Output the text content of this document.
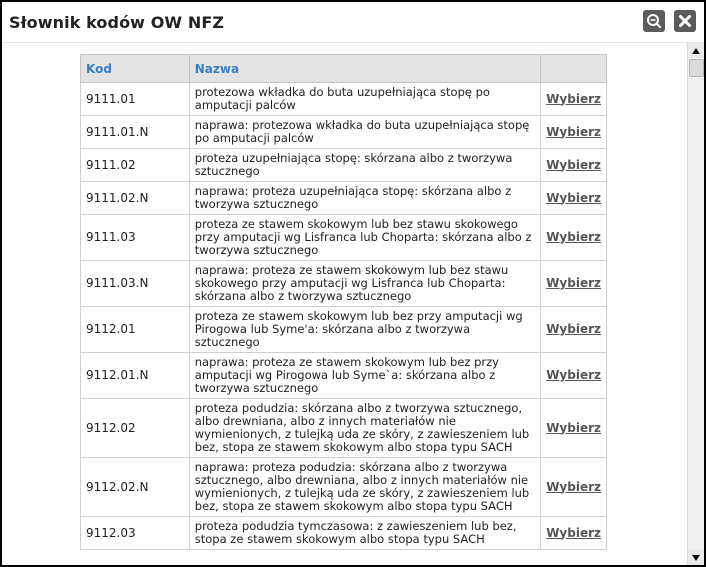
Słownik kodów OW NFZ
Kod	Nazwa	
9111.01	protezowa wkładka do buta uzupełniająca stopę po amputacji palców	Wybierz
9111.01.N	naprawa: protezowa wkładka do buta uzupełniająca stopę po amputacji palców	Wybierz
9111.02	proteza uzupełniająca stopę: skórzana albo z tworzywa sztucznego	Wybierz
9111.02.N	naprawa: proteza uzupełniająca stopę: skórzana albo z tworzywa sztucznego	Wybierz
9111.03	proteza ze stawem skokowym lub bez stawu skokowego przy amputacji wg Lisfranca lub Choparta: skórzana albo z tworzywa sztucznego	Wybierz
9111.03.N	naprawa: proteza ze stawem skokowym lub bez stawu skokowego przy amputacji wg Lisfranca lub Choparta: skórzana albo z tworzywa sztucznego	Wybierz
9112.01	proteza ze stawem skokowym lub bez przy amputacji wg Pirogowa lub Syme'a: skórzana albo z tworzywa sztucznego	Wybierz
9112.01.N	naprawa: proteza ze stawem skokowym lub bez przy amputacji wg Pirogowa lub Syme`a: skórzana albo z tworzywa sztucznego	Wybierz
9112.02	proteza podudzia: skórzana albo z tworzywa sztucznego, albo drewniana, albo z innych materiałów nie wymienionych, z tulejką uda ze skóry, z zawieszeniem lub bez, stopa ze stawem skokowym albo stopa typu SACH	Wybierz
9112.02.N	naprawa: proteza podudzia: skórzana albo z tworzywa sztucznego, albo drewniana, albo z innych materiałów nie wymienionych, z tulejką uda ze skóry, z zawieszeniem lub bez, stopa ze stawem skokowym albo stopa typu SACH	Wybierz
9112.03	proteza podudzia tymczasowa: z zawieszeniem lub bez, stopa ze stawem skokowym albo stopa typu SACH	Wybierz
